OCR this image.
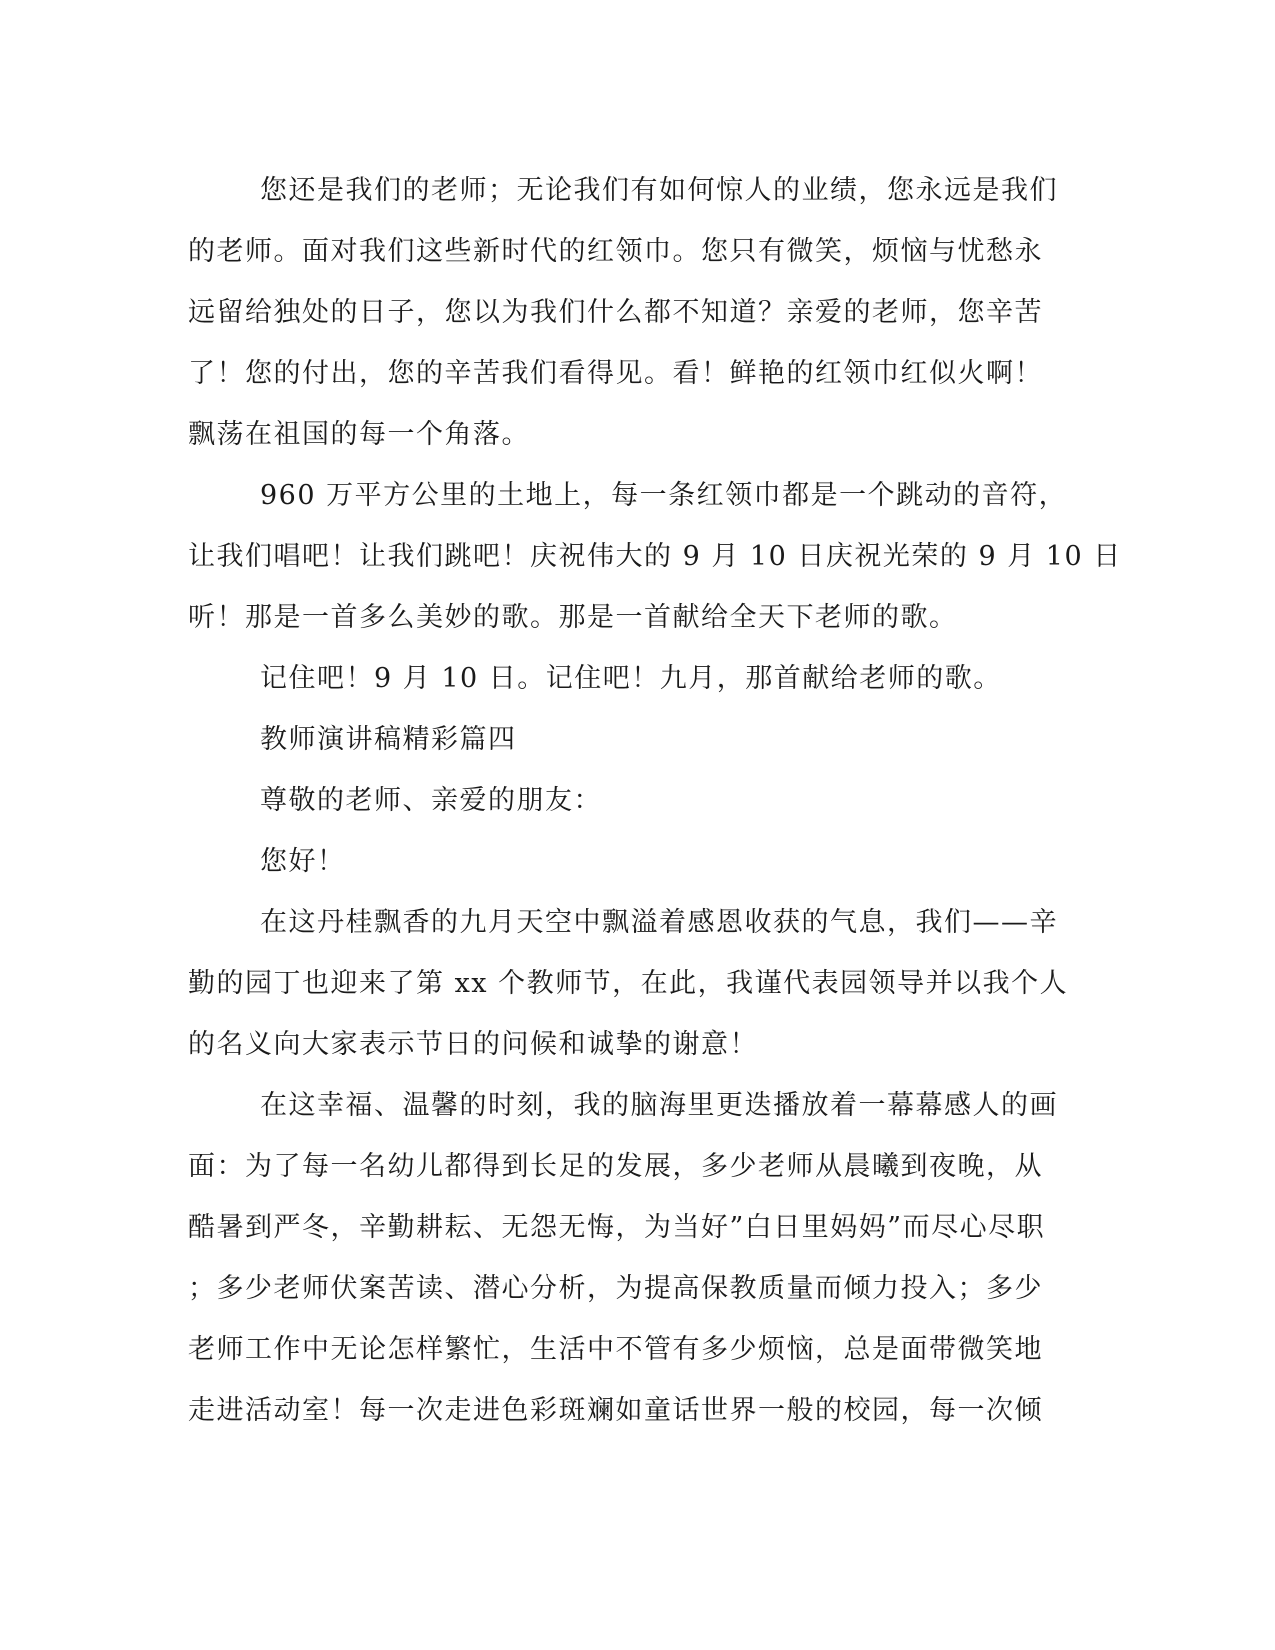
您还是我们的老师；无论我们有如何惊人的业绩，您永远是我们
的老师。面对我们这些新时代的红领巾。您只有微笑，烦恼与忧愁永
远留给独处的日子，您以为我们什么都不知道？亲爱的老师，您辛苦
了！您的付出，您的辛苦我们看得见。看！鲜艳的红领巾红似火啊！
飘荡在祖国的每一个角落。
960 万平方公里的土地上，每一条红领巾都是一个跳动的音符，
让我们唱吧！让我们跳吧！庆祝伟大的 9 月 10 日庆祝光荣的 9 月 10 日
听！那是一首多么美妙的歌。那是一首献给全天下老师的歌。
记住吧！9 月 10 日。记住吧！九月，那首献给老师的歌。
教师演讲稿精彩篇四
尊敬的老师、亲爱的朋友：
您好！
在这丹桂飘香的九月天空中飘溢着感恩收获的气息，我们——辛
勤的园丁也迎来了第 xx 个教师节，在此，我谨代表园领导并以我个人
的名义向大家表示节日的问候和诚挚的谢意！
在这幸福、温馨的时刻，我的脑海里更迭播放着一幕幕感人的画
面：为了每一名幼儿都得到长足的发展，多少老师从晨曦到夜晚，从
酷暑到严冬，辛勤耕耘、无怨无悔，为当好”白日里妈妈”而尽心尽职
；多少老师伏案苦读、潜心分析，为提高保教质量而倾力投入；多少
老师工作中无论怎样繁忙，生活中不管有多少烦恼，总是面带微笑地
走进活动室！每一次走进色彩斑斓如童话世界一般的校园，每一次倾
